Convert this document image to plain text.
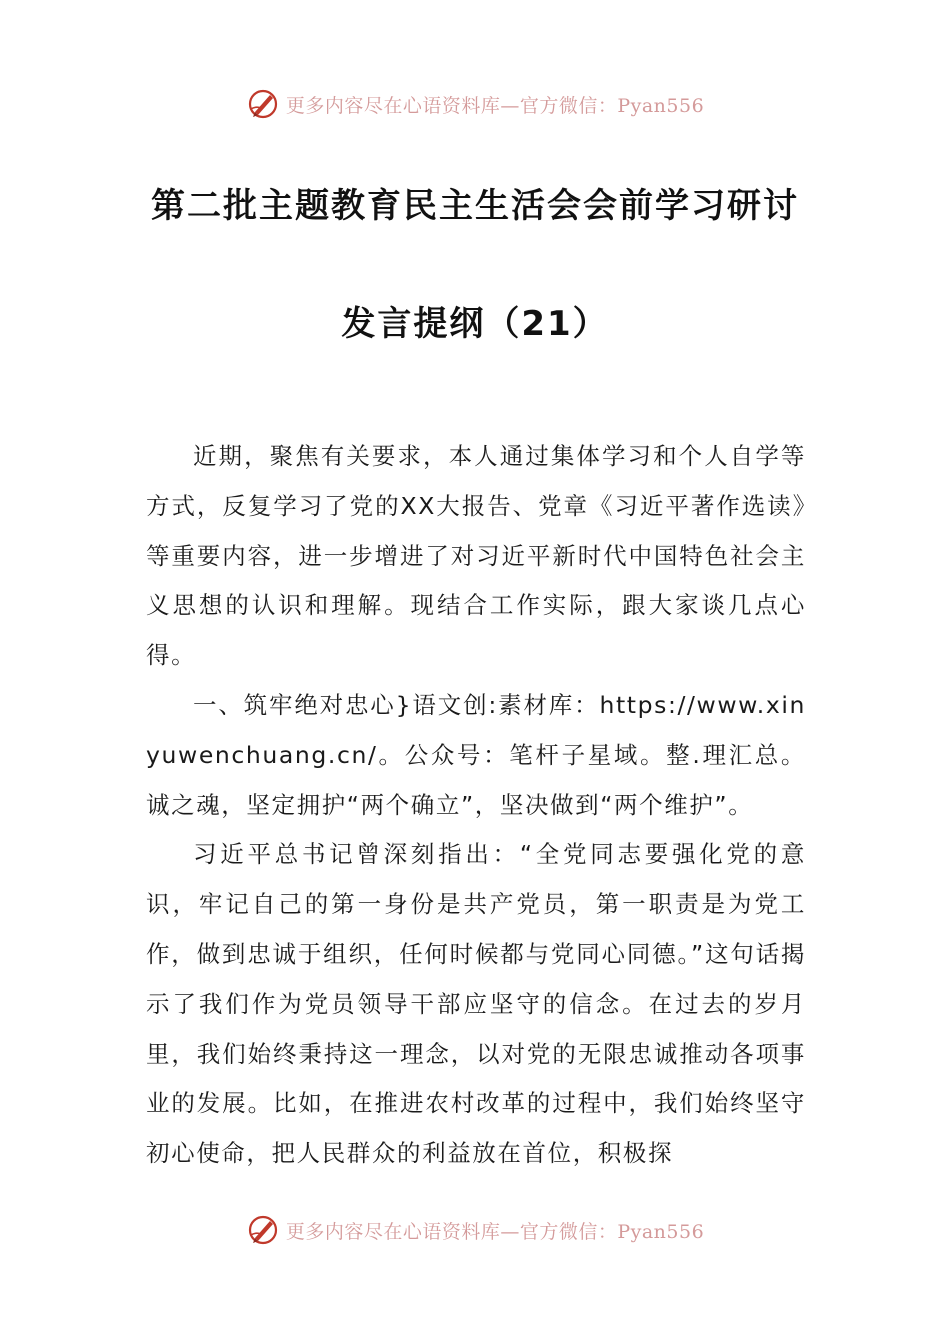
更多内容尽在心语资料库—官方微信：Pyan556
第二批主题教育民主生活会会前学习研讨
发言提纲（21）

近期，聚焦有关要求，本人通过集体学习和个人自学等方式，反复学习了党的XX大报告、党章《习近平著作选读》等重要内容，进一步增进了对习近平新时代中国特色社会主义思想的认识和理解。现结合工作实际，跟大家谈几点心得。

一、筑牢绝对忠心}语文创:素材库：https://www.xinyuwenchuang.cn/。公众号：笔杆子星域。整.理汇总。诚之魂，坚定拥护“两个确立”，坚决做到“两个维护”。

习近平总书记曾深刻指出：“全党同志要强化党的意识，牢记自己的第一身份是共产党员，第一职责是为党工作，做到忠诚于组织，任何时候都与党同心同德。”这句话揭示了我们作为党员领导干部应坚守的信念。在过去的岁月里，我们始终秉持这一理念，以对党的无限忠诚推动各项事业的发展。比如，在推进农村改革的过程中，我们始终坚守初心使命，把人民群众的利益放在首位，积极探

更多内容尽在心语资料库—官方微信：Pyan556
